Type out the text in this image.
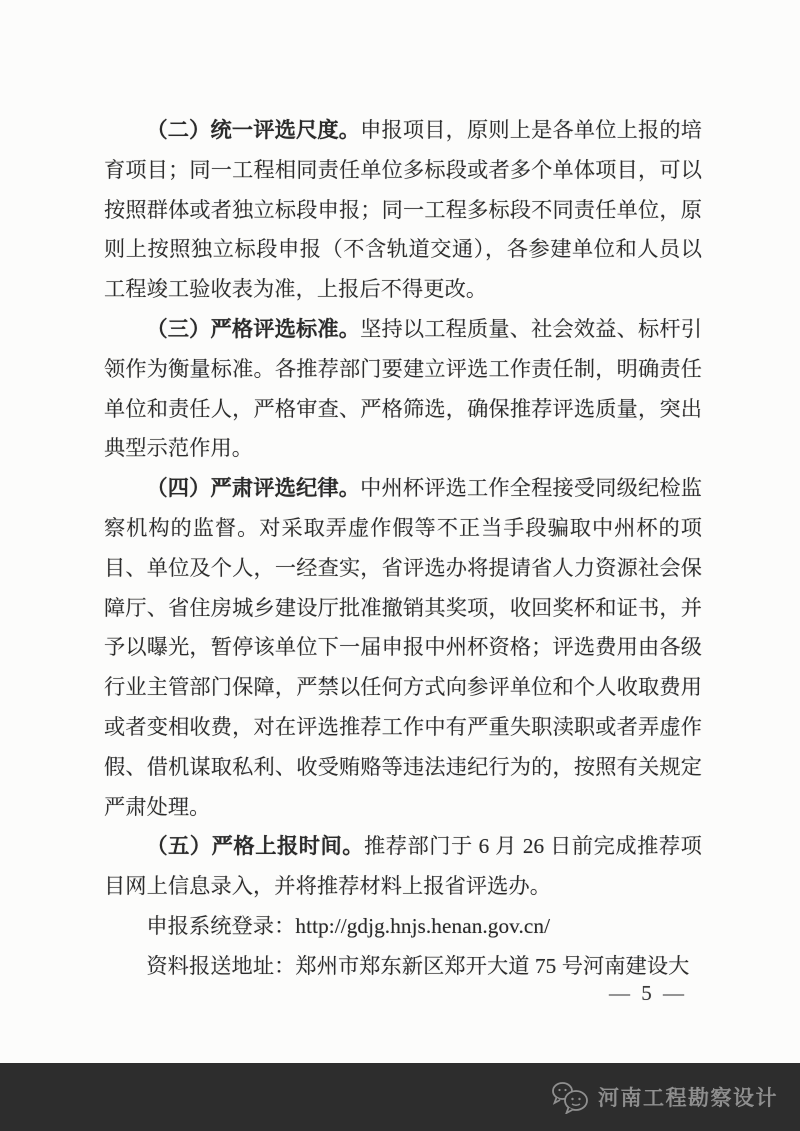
（二）统一评选尺度。申报项目，原则上是各单位上报的培育项目；同一工程相同责任单位多标段或者多个单体项目，可以按照群体或者独立标段申报；同一工程多标段不同责任单位，原则上按照独立标段申报（不含轨道交通），各参建单位和人员以工程竣工验收表为准，上报后不得更改。

（三）严格评选标准。坚持以工程质量、社会效益、标杆引领作为衡量标准。各推荐部门要建立评选工作责任制，明确责任单位和责任人，严格审查、严格筛选，确保推荐评选质量，突出典型示范作用。

（四）严肃评选纪律。中州杯评选工作全程接受同级纪检监察机构的监督。对采取弄虚作假等不正当手段骗取中州杯的项目、单位及个人，一经查实，省评选办将提请省人力资源社会保障厅、省住房城乡建设厅批准撤销其奖项，收回奖杯和证书，并予以曝光，暂停该单位下一届申报中州杯资格；评选费用由各级行业主管部门保障，严禁以任何方式向参评单位和个人收取费用或者变相收费，对在评选推荐工作中有严重失职渎职或者弄虚作假、借机谋取私利、收受贿赂等违法违纪行为的，按照有关规定严肃处理。

（五）严格上报时间。推荐部门于 6 月 26 日前完成推荐项目网上信息录入，并将推荐材料上报省评选办。

申报系统登录：http://gdjg.hnjs.henan.gov.cn/

资料报送地址：郑州市郑东新区郑开大道 75 号河南建设大

— 5 —
河南工程勘察设计
